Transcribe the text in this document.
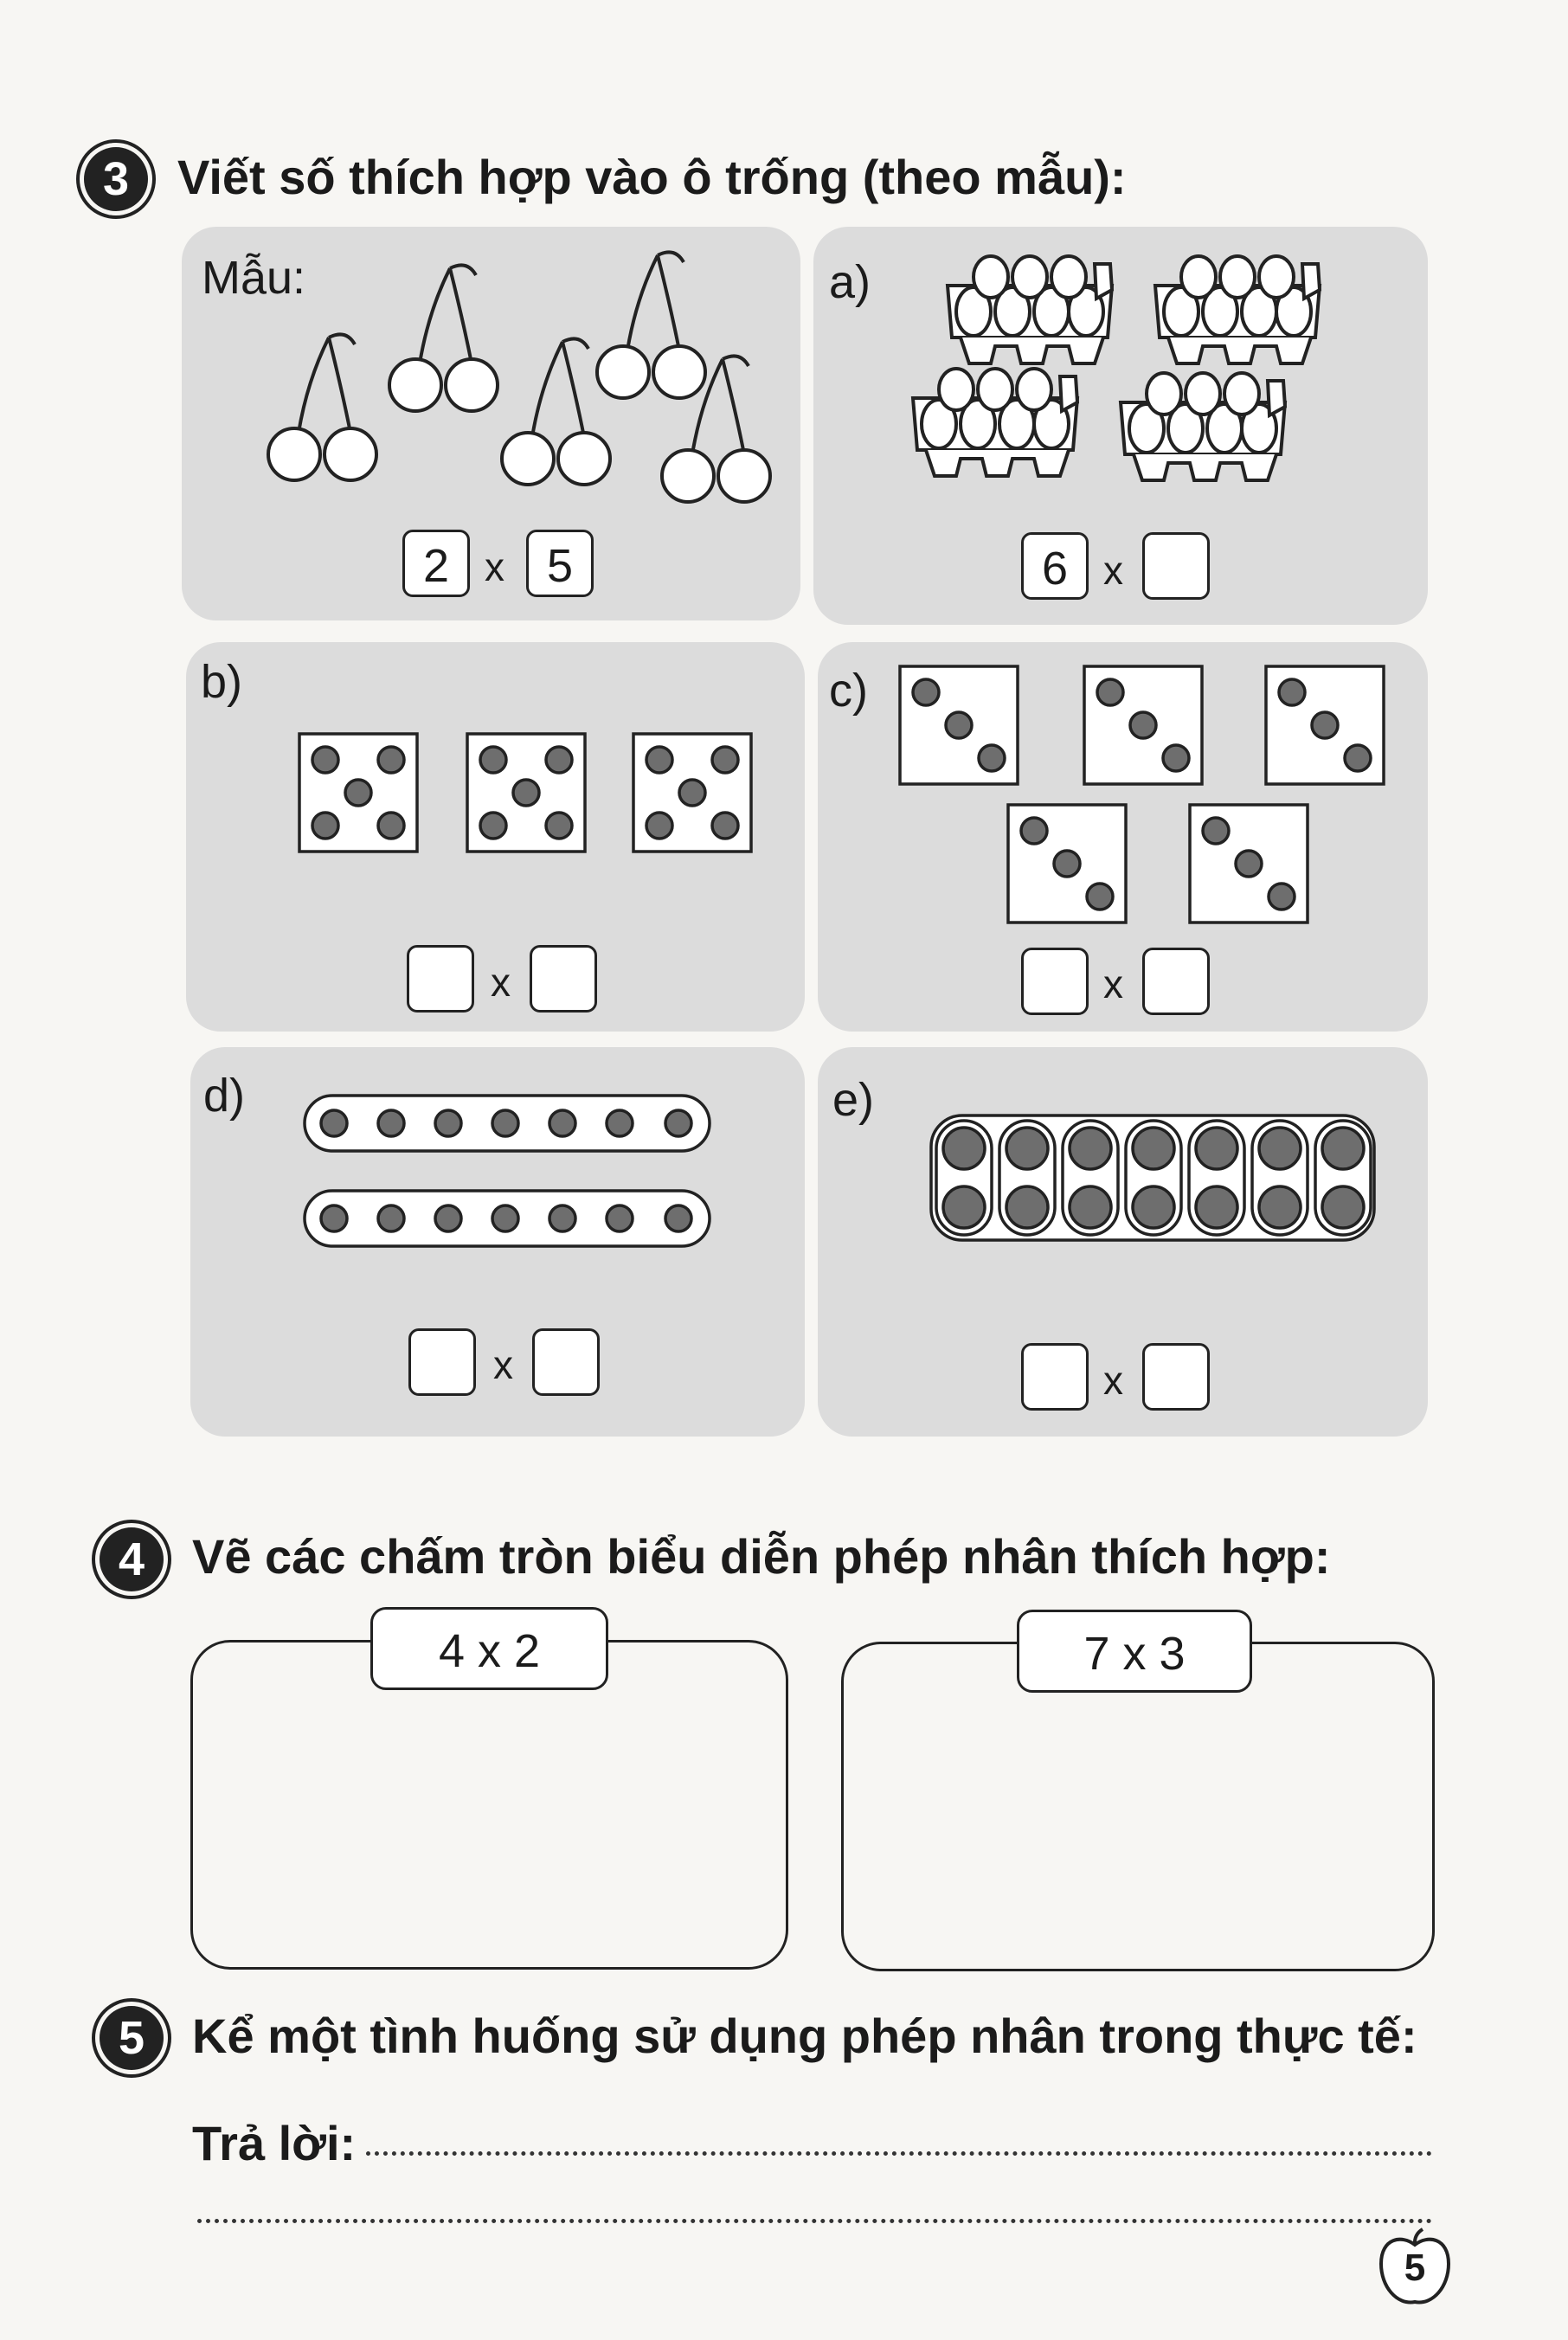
3 Viết số thích hợp vào ô trống (theo mẫu):
Mẫu:
2 x 5
a)
6 x
b)
x
c)
x
d)
x
e)
x
4 Vẽ các chấm tròn biểu diễn phép nhân thích hợp:
4 x 2	7 x 3
5 Kể một tình huống sử dụng phép nhân trong thực tế:
Trả lời:
5
